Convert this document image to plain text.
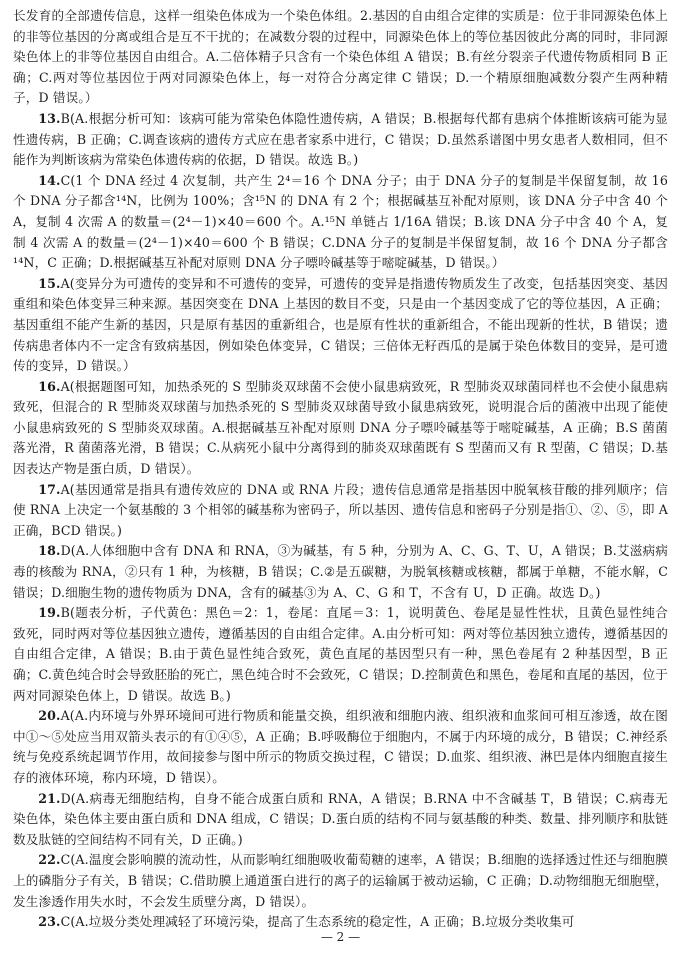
长发育的全部遗传信息，这样一组染色体成为一个染色体组。2.基因的自由组合定律的实质是：位于非同源染色体上的非等位基因的分离或组合是互不干扰的；在减数分裂的过程中，同源染色体上的等位基因彼此分离的同时，非同源染色体上的非等位基因自由组合。A.二倍体精子只含有一个染色体组 A 错误；B.有丝分裂亲子代遗传物质相同 B 正确；C.两对等位基因位于两对同源染色体上，每一对符合分离定律 C 错误；D.一个精原细胞减数分裂产生两种精子，D 错误。）

13.B(A.根据分析可知：该病可能为常染色体隐性遗传病，A 错误；B.根据每代都有患病个体推断该病可能为显性遗传病，B 正确；C.调查该病的遗传方式应在患者家系中进行，C 错误；D.虽然系谱图中男女患者人数相同，但不能作为判断该病为常染色体遗传病的依据，D 错误。故选 B。)

14.C(1 个 DNA 经过 4 次复制，共产生 2⁴＝16 个 DNA 分子；由于 DNA 分子的复制是半保留复制，故 16 个 DNA 分子都含¹⁴N，比例为 100%；含¹⁵N 的 DNA 有 2 个；根据碱基互补配对原则，该 DNA 分子中含 40 个 A，复制 4 次需 A 的数量＝(2⁴－1)×40＝600 个。A.¹⁵N 单链占 1/16A 错误；B.该 DNA 分子中含 40 个 A，复制 4 次需 A 的数量＝(2⁴－1)×40＝600 个 B 错误；C.DNA 分子的复制是半保留复制，故 16 个 DNA 分子都含¹⁴N，C 正确；D.根据碱基互补配对原则 DNA 分子嘌呤碱基等于嘧啶碱基，D 错误。）

15.A(变异分为可遗传的变异和不可遗传的变异，可遗传的变异是指遗传物质发生了改变，包括基因突变、基因重组和染色体变异三种来源。基因突变在 DNA 上基因的数目不变，只是由一个基因变成了它的等位基因，A 正确；基因重组不能产生新的基因，只是原有基因的重新组合，也是原有性状的重新组合，不能出现新的性状，B 错误；遗传病患者体内不一定含有致病基因，例如染色体变异，C 错误；三倍体无籽西瓜的是属于染色体数目的变异，是可遗传的变异，D 错误。）

16.A(根据题图可知，加热杀死的 S 型肺炎双球菌不会使小鼠患病致死，R 型肺炎双球菌同样也不会使小鼠患病致死，但混合的 R 型肺炎双球菌与加热杀死的 S 型肺炎双球菌导致小鼠患病致死，说明混合后的菌液中出现了能使小鼠患病致死的 S 型肺炎双球菌。A.根据碱基互补配对原则 DNA 分子嘌呤碱基等于嘧啶碱基，A 正确；B.S 菌菌落光滑，R 菌菌落光滑，B 错误；C.从病死小鼠中分离得到的肺炎双球菌既有 S 型菌而又有 R 型菌，C 错误；D.基因表达产物是蛋白质，D 错误）。

17.A(基因通常是指具有遗传效应的 DNA 或 RNA 片段；遗传信息通常是指基因中脱氧核苷酸的排列顺序；信使 RNA 上决定一个氨基酸的 3 个相邻的碱基称为密码子，所以基因、遗传信息和密码子分别是指①、②、⑤，即 A 正确，BCD 错误。)

18.D(A.人体细胞中含有 DNA 和 RNA，③为碱基，有 5 种，分别为 A、C、G、T、U，A 错误；B.艾滋病病毒的核酸为 RNA，②只有 1 种，为核糖，B 错误；C.②是五碳糖，为脱氧核糖或核糖，都属于单糖，不能水解，C 错误；D.细胞生物的遗传物质为 DNA，含有的碱基③为 A、C、G 和 T，不含有 U，D 正确。故选 D。)

19.B(题表分析，子代黄色：黑色＝2：1，卷尾：直尾＝3：1，说明黄色、卷尾是显性性状，且黄色显性纯合致死，同时两对等位基因独立遗传，遵循基因的自由组合定律。A.由分析可知：两对等位基因独立遗传，遵循基因的自由组合定律，A 错误；B.由于黄色显性纯合致死，黄色直尾的基因型只有一种，黑色卷尾有 2 种基因型，B 正确；C.黄色纯合时会导致胚胎的死亡，黑色纯合时不会致死，C 错误；D.控制黄色和黑色，卷尾和直尾的基因，位于两对同源染色体上，D 错误。故选 B。)

20.A(A.内环境与外界环境间可进行物质和能量交换，组织液和细胞内液、组织液和血浆间可相互渗透，故在图中①～⑤处应当用双箭头表示的有①④⑤，A 正确；B.呼吸酶位于细胞内，不属于内环境的成分，B 错误；C.神经系统与免疫系统起调节作用，故间接参与图中所示的物质交换过程，C 错误；D.血浆、组织液、淋巴是体内细胞直接生存的液体环境，称内环境，D 错误）。

21.D(A.病毒无细胞结构，自身不能合成蛋白质和 RNA，A 错误；B.RNA 中不含碱基 T，B 错误；C.病毒无染色体，染色体主要由蛋白质和 DNA 组成，C 错误；D.蛋白质的结构不同与氨基酸的种类、数量、排列顺序和肽链数及肽链的空间结构不同有关，D 正确。)

22.C(A.温度会影响膜的流动性，从而影响红细胞吸收葡萄糖的速率，A 错误；B.细胞的选择透过性还与细胞膜上的磷脂分子有关，B 错误；C.借助膜上通道蛋白进行的离子的运输属于被动运输，C 正确；D.动物细胞无细胞壁，发生渗透作用失水时，不会发生质壁分离，D 错误）。

23.C(A.垃圾分类处理减轻了环境污染，提高了生态系统的稳定性，A 正确；B.垃圾分类收集可

— 2 —
